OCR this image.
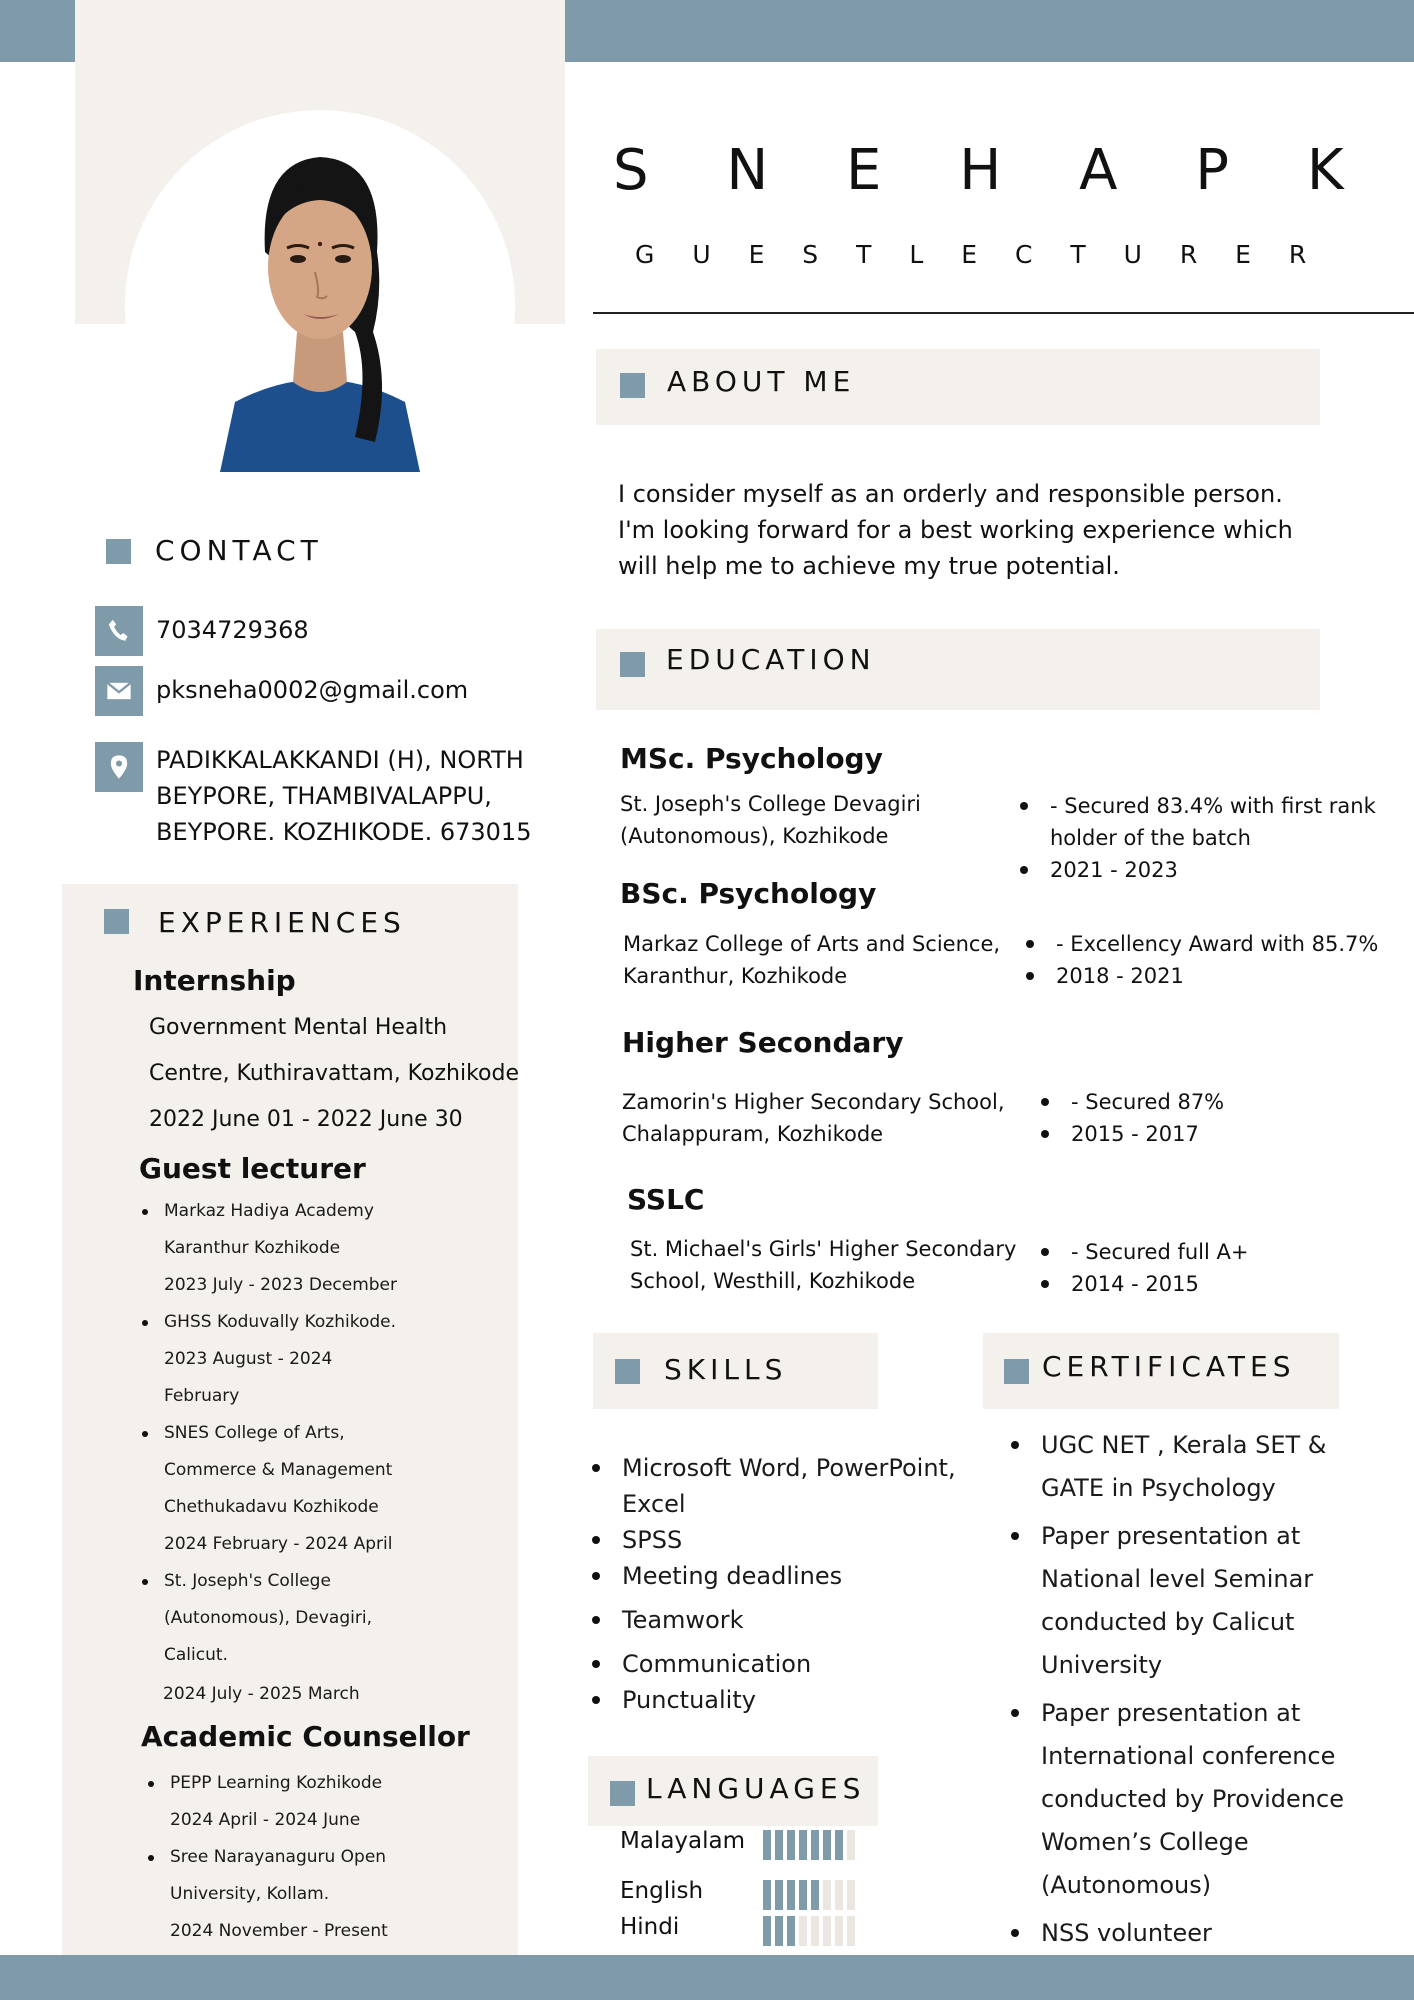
S N E H A P K
G U E S T L E C T U R E R
ABOUT ME
I consider myself as an orderly and responsible person. I'm looking forward for a best working experience which will help me to achieve my true potential.
CONTACT
7034729368
pksneha0002@gmail.com
PADIKKALAKKANDI (H), NORTH
BEYPORE, THAMBIVALAPPU,
BEYPORE. KOZHIKODE. 673015
EDUCATION
MSc. Psychology
St. Joseph's College Devagiri
(Autonomous), Kozhikode
- Secured 83.4% with first rank holder of the batch
2021 - 2023
BSc. Psychology
Markaz College of Arts and Science,
Karanthur, Kozhikode
- Excellency Award with 85.7%
2018 - 2021
Higher Secondary
Zamorin's Higher Secondary School,
Chalappuram, Kozhikode
- Secured 87%
2015 - 2017
SSLC
St. Michael's Girls' Higher Secondary
School, Westhill, Kozhikode
- Secured full A+
2014 - 2015
EXPERIENCES
Internship
Government Mental Health
Centre, Kuthiravattam, Kozhikode
2022 June 01 - 2022 June 30
Guest lecturer
Markaz Hadiya Academy
Karanthur Kozhikode
2023 July - 2023 December
GHSS Koduvally Kozhikode.
2023 August - 2024
February
SNES College of Arts,
Commerce & Management
Chethukadavu Kozhikode
2024 February - 2024 April
St. Joseph's College
(Autonomous), Devagiri,
Calicut.
2024 July - 2025 March
Academic Counsellor
PEPP Learning Kozhikode
2024 April - 2024 June
Sree Narayanaguru Open
University, Kollam.
2024 November - Present
SKILLS
Microsoft Word, PowerPoint, Excel
SPSS
Meeting deadlines
Teamwork
Communication
Punctuality
CERTIFICATES
UGC NET , Kerala SET & GATE in Psychology
Paper presentation at National level Seminar conducted by Calicut University
Paper presentation at International conference conducted by Providence Women’s College (Autonomous)
NSS volunteer
LANGUAGES
Malayalam
English
Hindi
